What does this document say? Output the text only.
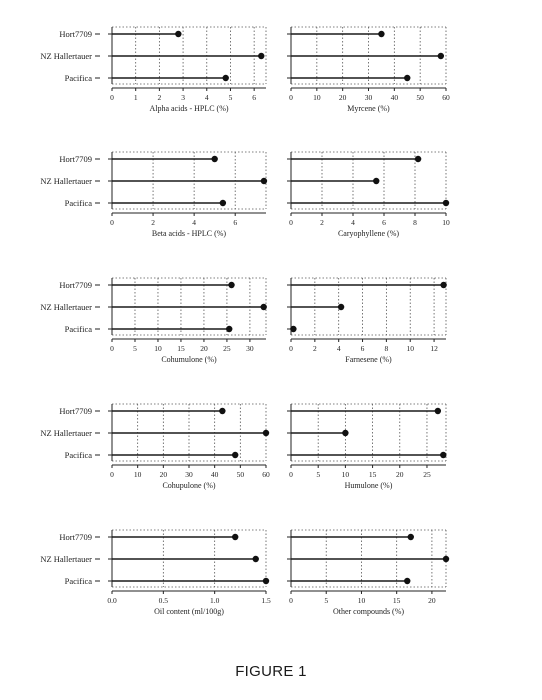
0	1	2	3	4	5	6
Alpha acids - HPLC (%)
Hort7709
NZ Hallertauer
Pacifica
0	10 20 30 40 50 60
Myrcene (%)
0	2	4	6
Beta acids - HPLC (%)
Hort7709
NZ Hallertauer
Pacifica
0	2	4	6	8	10
Caryophyllene (%)
0	5 10 15 20 25 30
Cohumulone (%)
Hort7709
NZ Hallertauer
Pacifica
0	2	4	6	8 10 12
Farnesene (%)
0	10 20 30 40 50 60
Cohupulone (%)
Hort7709
NZ Hallertauer
Pacifica
0	5	10	15	20	25
Humulone (%)
0.0	0.5	1.0	1.5
Oil content (ml/100g)
Hort7709
NZ Hallertauer
Pacifica
0	5	10	15	20
Other compounds (%)
FIGURE 1
